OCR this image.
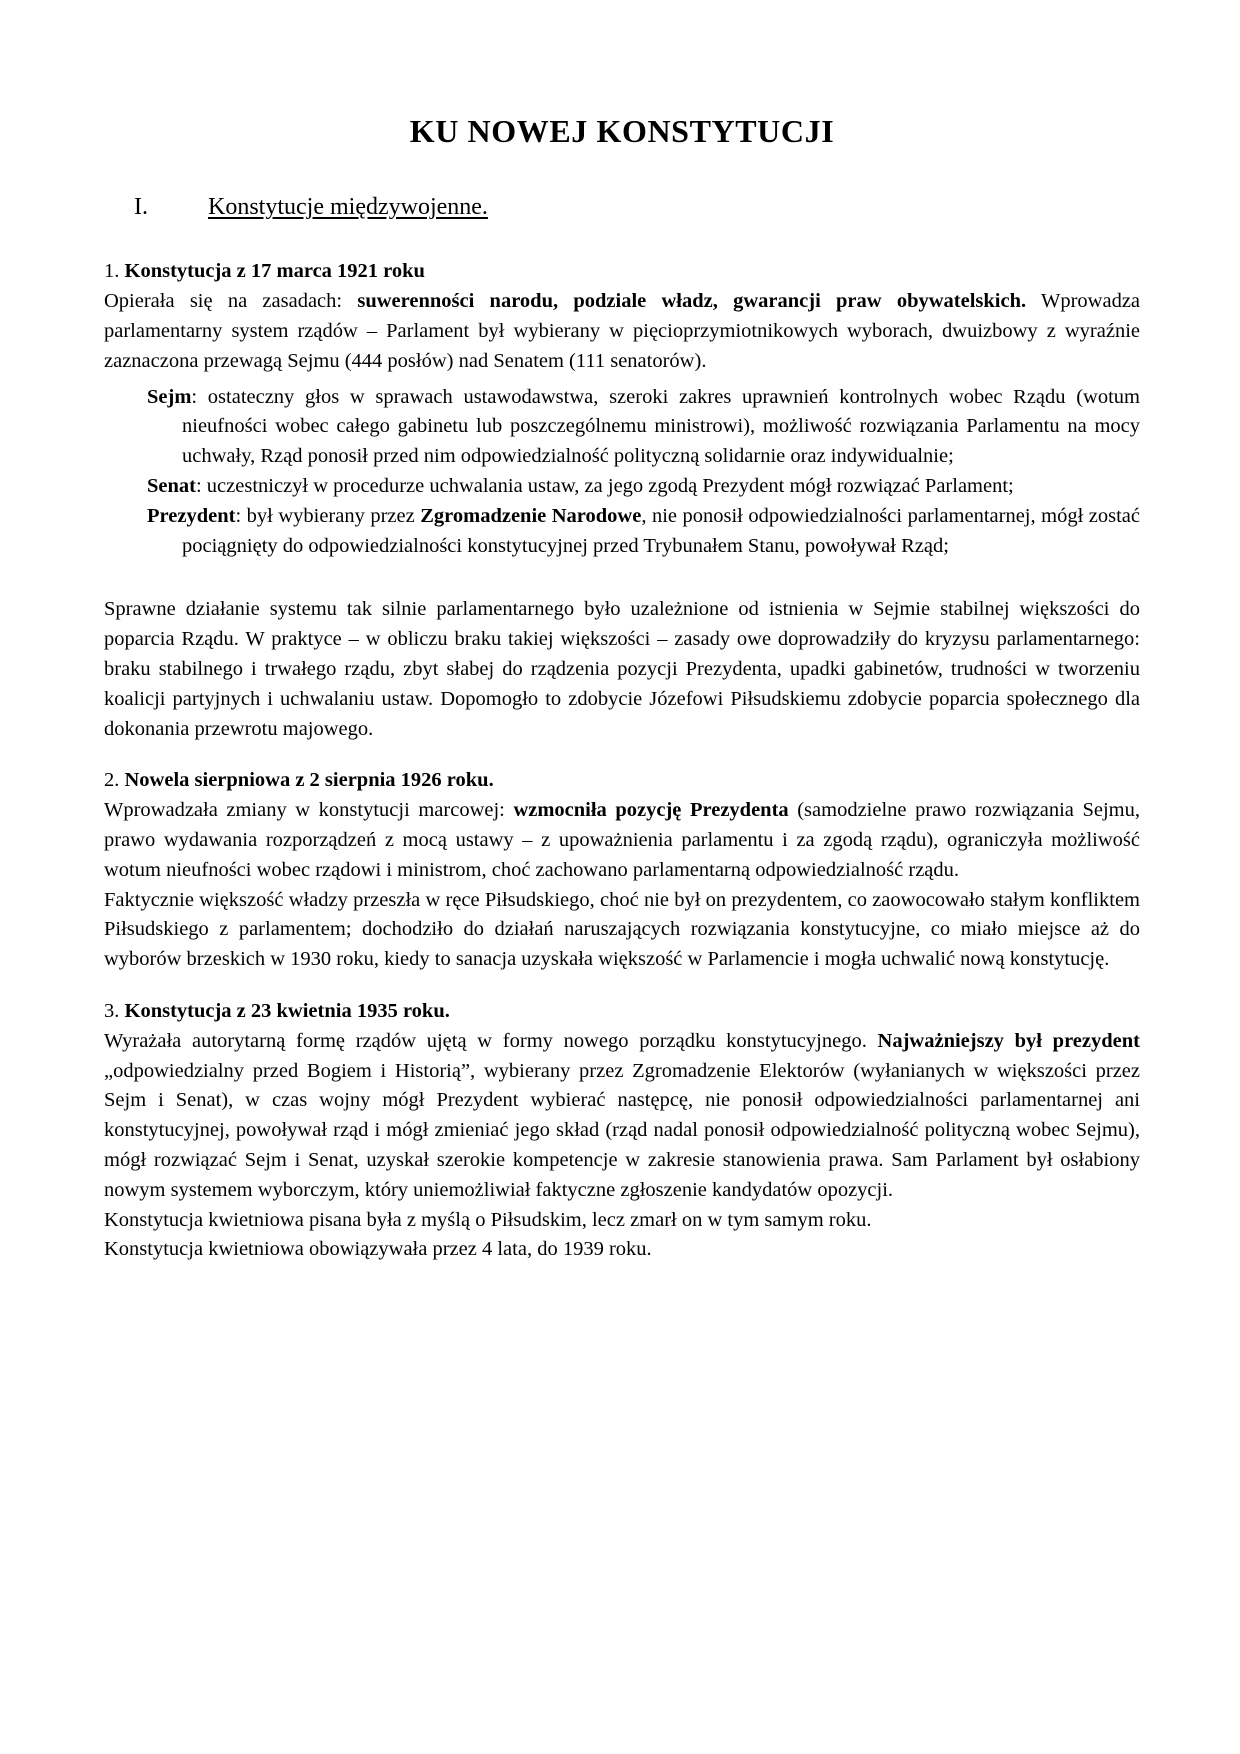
KU NOWEJ KONSTYTUCJI
I.	Konstytucje międzywojenne.
1. Konstytucja z 17 marca 1921 roku

Opierała się na zasadach: suwerenności narodu, podziale władz, gwarancji praw obywatelskich. Wprowadza parlamentarny system rządów – Parlament był wybierany w pięcioprzymiotnikowych wyborach, dwuizbowy z wyraźnie zaznaczona przewagą Sejmu (444 posłów) nad Senatem (111 senatorów).

Sejm: ostateczny głos w sprawach ustawodawstwa, szeroki zakres uprawnień kontrolnych wobec Rządu (wotum nieufności wobec całego gabinetu lub poszczególnemu ministrowi), możliwość rozwiązania Parlamentu na mocy uchwały, Rząd ponosił przed nim odpowiedzialność polityczną solidarnie oraz indywidualnie;

Senat: uczestniczył w procedurze uchwalania ustaw, za jego zgodą Prezydent mógł rozwiązać Parlament;

Prezydent: był wybierany przez Zgromadzenie Narodowe, nie ponosił odpowiedzialności parlamentarnej, mógł zostać pociągnięty do odpowiedzialności konstytucyjnej przed Trybunałem Stanu, powoływał Rząd;

Sprawne działanie systemu tak silnie parlamentarnego było uzależnione od istnienia w Sejmie stabilnej większości do poparcia Rządu. W praktyce – w obliczu braku takiej większości – zasady owe doprowadziły do kryzysu parlamentarnego: braku stabilnego i trwałego rządu, zbyt słabej do rządzenia pozycji Prezydenta, upadki gabinetów, trudności w tworzeniu koalicji partyjnych i uchwalaniu ustaw. Dopomogło to zdobycie Józefowi Piłsudskiemu zdobycie poparcia społecznego dla dokonania przewrotu majowego.

2. Nowela sierpniowa z 2 sierpnia 1926 roku.

Wprowadzała zmiany w konstytucji marcowej: wzmocniła pozycję Prezydenta (samodzielne prawo rozwiązania Sejmu, prawo wydawania rozporządzeń z mocą ustawy – z upoważnienia parlamentu i za zgodą rządu), ograniczyła możliwość wotum nieufności wobec rządowi i ministrom, choć zachowano parlamentarną odpowiedzialność rządu.

Faktycznie większość władzy przeszła w ręce Piłsudskiego, choć nie był on prezydentem, co zaowocowało stałym konfliktem Piłsudskiego z parlamentem; dochodziło do działań naruszających rozwiązania konstytucyjne, co miało miejsce aż do wyborów brzeskich w 1930 roku, kiedy to sanacja uzyskała większość w Parlamencie i mogła uchwalić nową konstytucję.

3. Konstytucja z 23 kwietnia 1935 roku.

Wyrażała autorytarną formę rządów ujętą w formy nowego porządku konstytucyjnego. Najważniejszy był prezydent „odpowiedzialny przed Bogiem i Historią”, wybierany przez Zgromadzenie Elektorów (wyłanianych w większości przez Sejm i Senat), w czas wojny mógł Prezydent wybierać następcę, nie ponosił odpowiedzialności parlamentarnej ani konstytucyjnej, powoływał rząd i mógł zmieniać jego skład (rząd nadal ponosił odpowiedzialność polityczną wobec Sejmu), mógł rozwiązać Sejm i Senat, uzyskał szerokie kompetencje w zakresie stanowienia prawa. Sam Parlament był osłabiony nowym systemem wyborczym, który uniemożliwiał faktyczne zgłoszenie kandydatów opozycji.

Konstytucja kwietniowa pisana była z myślą o Piłsudskim, lecz zmarł on w tym samym roku.

Konstytucja kwietniowa obowiązywała przez 4 lata, do 1939 roku.
